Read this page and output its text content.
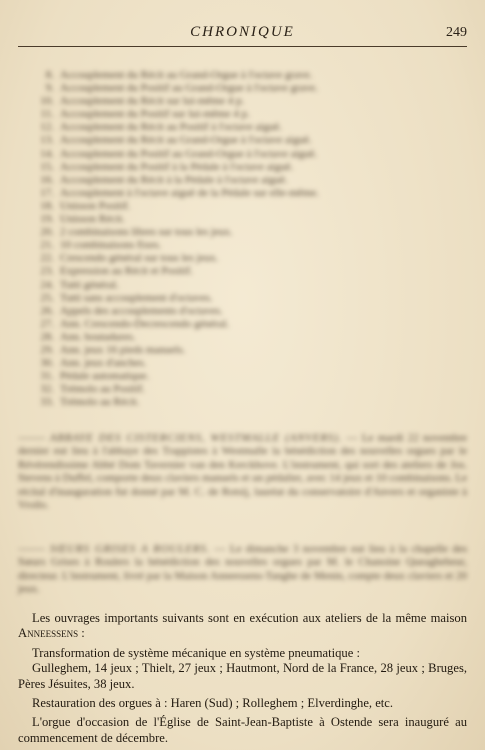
CHRONIQUE	249
8. Accouplement du Récit au Grand-Orgue à l'octave grave.
9. Accouplement du Positif au Grand-Orgue à l'octave grave.
10. Accouplement du Récit sur lui-même 4 p.
11. Accouplement du Positif sur lui-même 4 p.
12. Accouplement du Récit au Positif à l'octave aiguë.
13. Accouplement du Récit au Grand-Orgue à l'octave aiguë.
14. Accouplement du Positif au Grand-Orgue à l'octave aiguë.
15. Accouplement du Positif à la Pédale à l'octave aiguë.
16. Accouplement du Récit à la Pédale à l'octave aiguë.
17. Accouplement à l'octave aiguë de la Pédale sur elle-même.
18. Unisson Positif.
19. Unisson Récit.
20. 2 combinaisons libres sur tous les jeux.
21. 10 combinaisons fixes.
22. Crescendo général sur tous les jeux.
23. Expression au Récit et Positif.
24. Tutti général.
25. Tutti sans accouplement d'octaves.
26. Appels des accouplements d'octaves.
27. Ann. Crescendo-Decrescendo général.
28. Ann. boutadures.
29. Ann. jeux 16 pieds manuels.
30. Ann. jeux d'anches.
31. Pédale automatique.
32. Trémolo au Positif.
33. Trémolo au Récit.
⸻ ABBAYE DES CISTERCIENS, WESTMALLE (ANVERS). — Le mardi 22 novembre dernier eut lieu à l'abbaye des Trappistes à Westmalle la bénédiction des nouvelles orgues par le Révérendissime Abbé Dom Tavernier van den Kerckhove. L'instrument, qui sort des ateliers de Jos. Stevens à Duffel, comporte deux claviers manuels et un pédalier, avec 14 jeux et 10 combinaisons. Le récital d'inauguration fut donné par M. C. de Rotsij, lauréat du conservatoire d'Anvers et organiste à Vroilo.
⸻ SŒURS GRISES A ROULERS. — Le dimanche 3 novembre eut lieu à la chapelle des Sœurs Grises à Roulers la bénédiction des nouvelles orgues par M. le Chanoine Queaghebeur, directeur. L'instrument, livré par la Maison Anneessens-Tanghe de Menin, compte deux claviers et 20 jeux.

Les ouvrages importants suivants sont en exécution aux ateliers de la même maison Anneessens :

Transformation de système mécanique en système pneumatique :

Gulleghem, 14 jeux ; Thielt, 27 jeux ; Hautmont, Nord de la France, 28 jeux ; Bruges, Pères Jésuites, 38 jeux.

Restauration des orgues à : Haren (Sud) ; Rolleghem ; Elverdinghe, etc.

L'orgue d'occasion de l'Église de Saint-Jean-Baptiste à Ostende sera inauguré au commencement de décembre.
